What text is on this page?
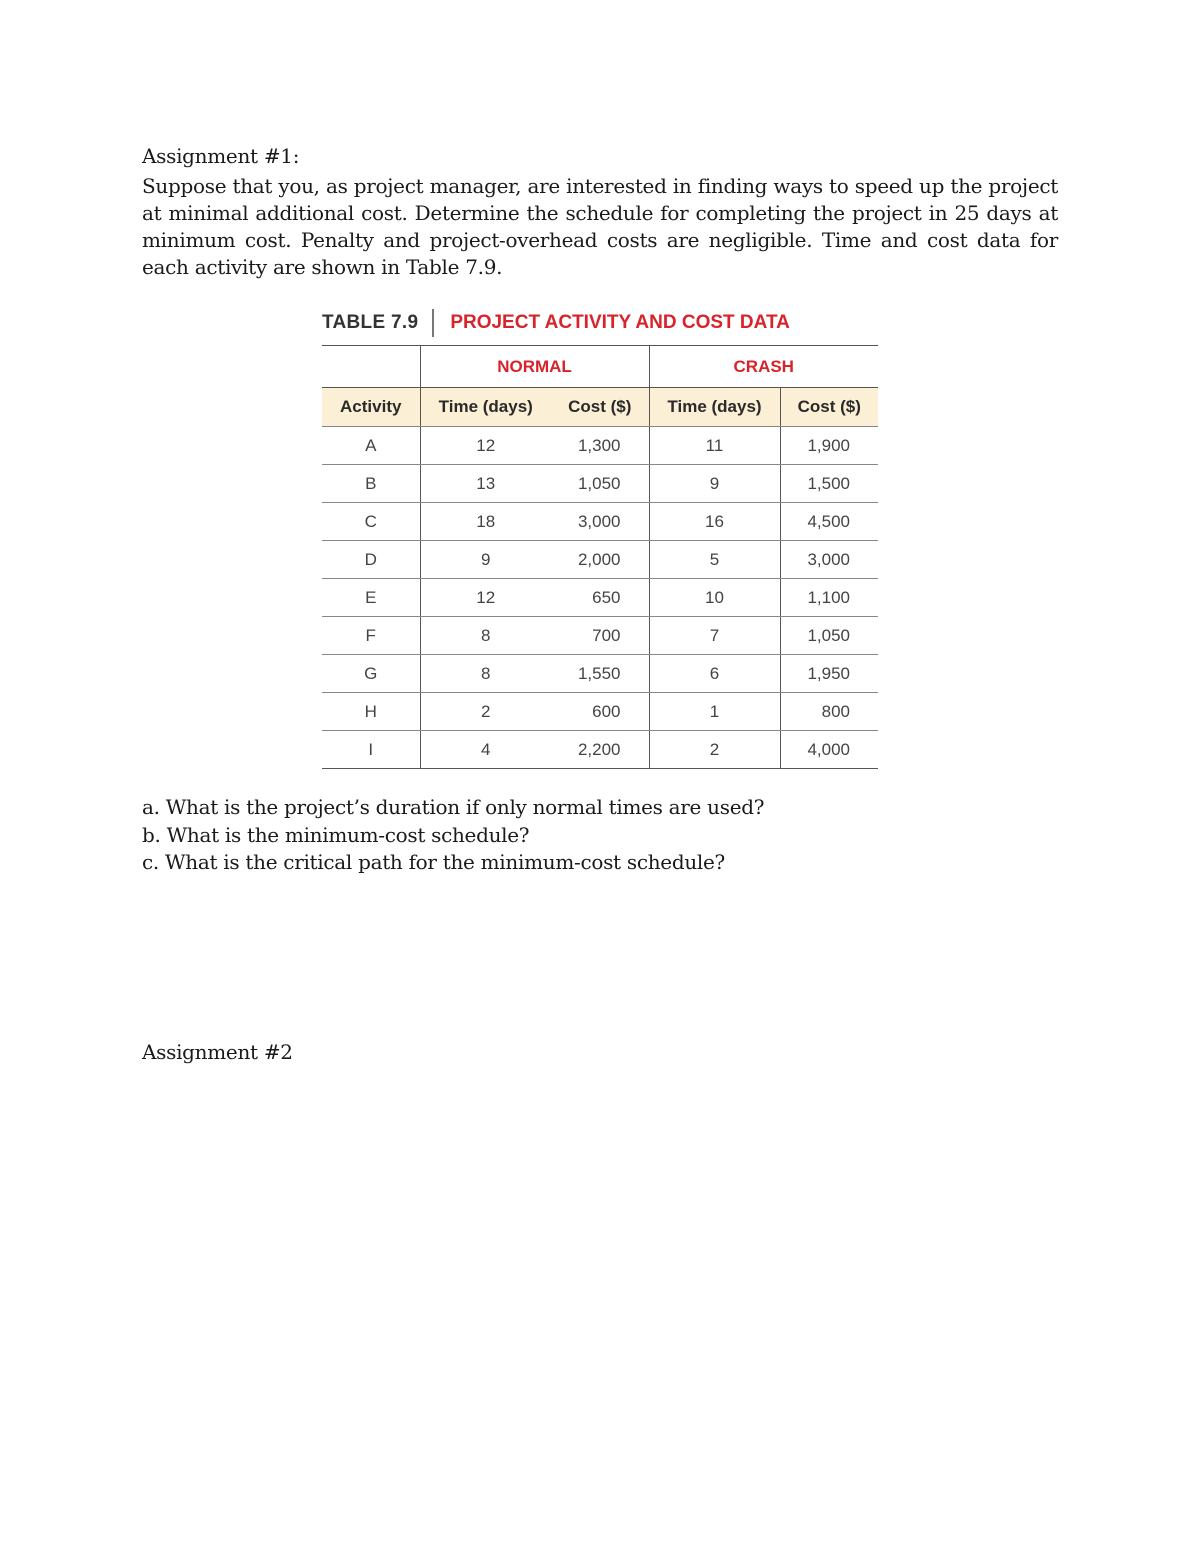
Assignment #1:
Suppose that you, as project manager, are interested in finding ways to speed up the project at minimal additional cost. Determine the schedule for completing the project in 25 days at minimum cost. Penalty and project-overhead costs are negligible. Time and cost data for each activity are shown in Table 7.9.
TABLE 7.9 PROJECT ACTIVITY AND COST DATA
	NORMAL		CRASH	
Activity	Time (days)	Cost ($)	Time (days)	Cost ($)
A	12	1,300	11	1,900
B	13	1,050	9	1,500
C	18	3,000	16	4,500
D	9	2,000	5	3,000
E	12	650	10	1,100
F	8	700	7	1,050
G	8	1,550	6	1,950
H	2	600	1	800
I	4	2,200	2	4,000
a. What is the project’s duration if only normal times are used?
b. What is the minimum-cost schedule?
c. What is the critical path for the minimum-cost schedule?
Assignment #2
